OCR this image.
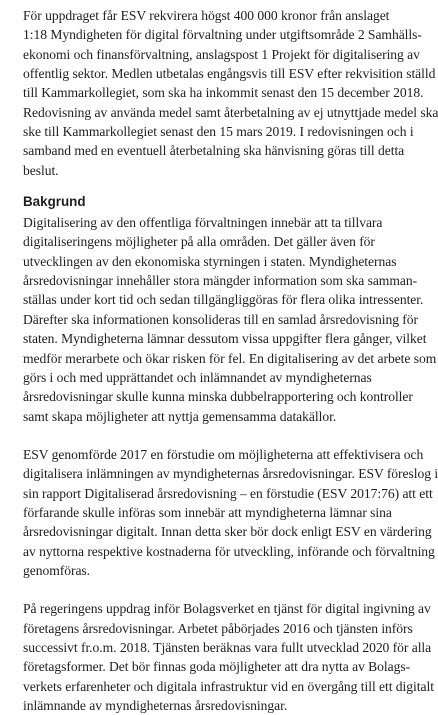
För uppdraget får ESV rekvirera högst 400 000 kronor från anslaget
1:18 Myndigheten för digital förvaltning under utgiftsområde 2 Samhälls-
ekonomi och finansförvaltning, anslagspost 1 Projekt för digitalisering av
offentlig sektor. Medlen utbetalas engångsvis till ESV efter rekvisition ställd
till Kammarkollegiet, som ska ha inkommit senast den 15 december 2018.
Redovisning av använda medel samt återbetalning av ej utnyttjade medel ska
ske till Kammarkollegiet senast den 15 mars 2019. I redovisningen och i
samband med en eventuell återbetalning ska hänvisning göras till detta
beslut.

Bakgrund

Digitalisering av den offentliga förvaltningen innebär att ta tillvara
digitaliseringens möjligheter på alla områden. Det gäller även för
utvecklingen av den ekonomiska styrningen i staten. Myndigheternas
årsredovisningar innehåller stora mängder information som ska samman-
ställas under kort tid och sedan tillgängliggöras för flera olika intressenter.
Därefter ska informationen konsolideras till en samlad årsredovisning för
staten. Myndigheterna lämnar dessutom vissa uppgifter flera gånger, vilket
medför merarbete och ökar risken för fel. En digitalisering av det arbete som
görs i och med upprättandet och inlämnandet av myndigheternas
årsredovisningar skulle kunna minska dubbelrapportering och kontroller
samt skapa möjligheter att nyttja gemensamma datakällor.

ESV genomförde 2017 en förstudie om möjligheterna att effektivisera och
digitalisera inlämningen av myndigheternas årsredovisningar. ESV föreslog i
sin rapport Digitaliserad årsredovisning – en förstudie (ESV 2017:76) att ett
förfarande skulle införas som innebär att myndigheterna lämnar sina
årsredovisningar digitalt. Innan detta sker bör dock enligt ESV en värdering
av nyttorna respektive kostnaderna för utveckling, införande och förvaltning
genomföras.

På regeringens uppdrag inför Bolagsverket en tjänst för digital ingivning av
företagens årsredovisningar. Arbetet påbörjades 2016 och tjänsten införs
successivt fr.o.m. 2018. Tjänsten beräknas vara fullt utvecklad 2020 för alla
företagsformer. Det bör finnas goda möjligheter att dra nytta av Bolags-
verkets erfarenheter och digitala infrastruktur vid en övergång till ett digitalt
inlämnande av myndigheternas årsredovisningar.
